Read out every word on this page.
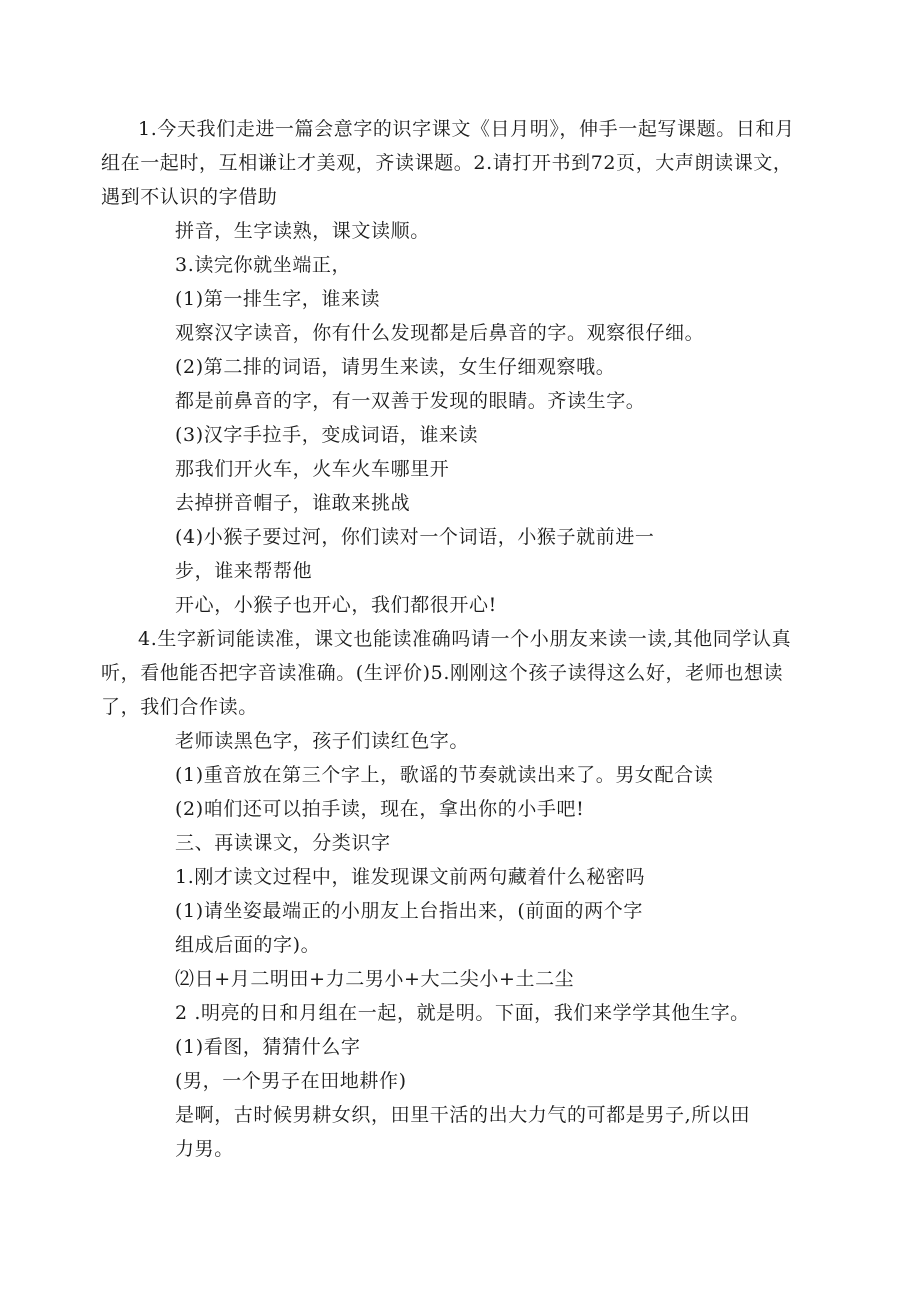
1.今天我们走进一篇会意字的识字课文《日月明》，伸手一起写课题。日和月组在一起时，互相谦让才美观，齐读课题。2.请打开书到72页，大声朗读课文，遇到不认识的字借助

拼音，生字读熟，课文读顺。

3.读完你就坐端正，

(1)第一排生字，谁来读

观察汉字读音，你有什么发现都是后鼻音的字。观察很仔细。

(2)第二排的词语，请男生来读，女生仔细观察哦。

都是前鼻音的字，有一双善于发现的眼睛。齐读生字。

(3)汉字手拉手，变成词语，谁来读

那我们开火车，火车火车哪里开

去掉拼音帽子，谁敢来挑战

(4)小猴子要过河，你们读对一个词语，小猴子就前进一

步，谁来帮帮他

开心，小猴子也开心，我们都很开心!

4.生字新词能读准，课文也能读准确吗请一个小朋友来读一读,其他同学认真听，看他能否把字音读准确。(生评价)5.刚刚这个孩子读得这么好，老师也想读了，我们合作读。

老师读黑色字，孩子们读红色字。

(1)重音放在第三个字上，歌谣的节奏就读出来了。男女配合读

(2)咱们还可以拍手读，现在，拿出你的小手吧!

三、再读课文，分类识字

1.刚才读文过程中，谁发现课文前两句藏着什么秘密吗

(1)请坐姿最端正的小朋友上台指出来，(前面的两个字

组成后面的字)。

⑵日+月二明田+力二男小+大二尖小+土二尘

2 .明亮的日和月组在一起，就是明。下面，我们来学学其他生字。

(1)看图，猜猜什么字

(男，一个男子在田地耕作)

是啊，古时候男耕女织，田里干活的出大力气的可都是男子,所以田

力男。
